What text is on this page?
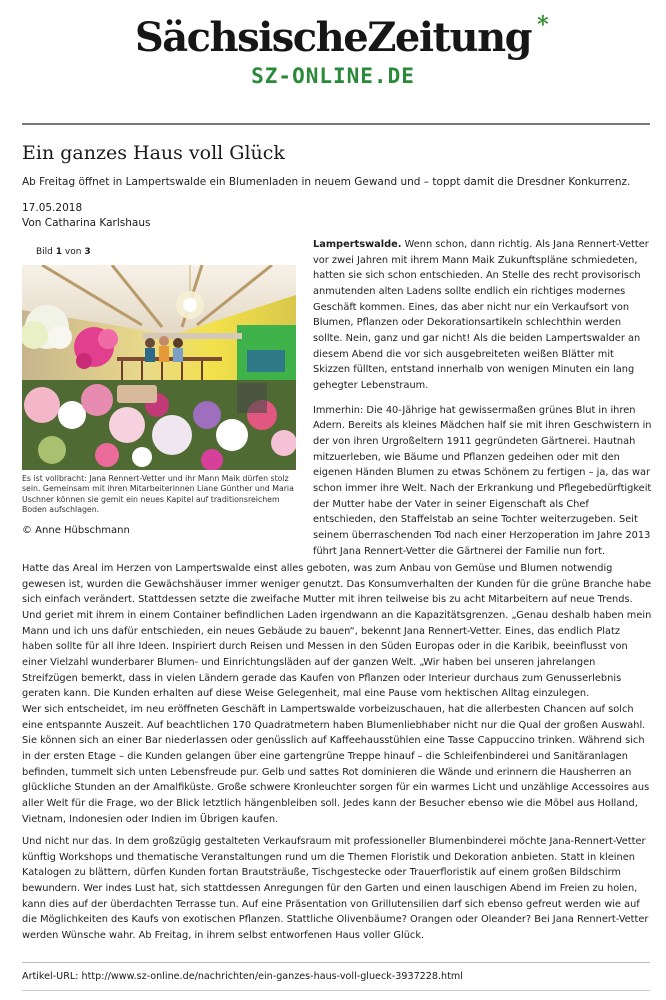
SächsischeZeitung *
SZ-ONLINE.DE
Ein ganzes Haus voll Glück
Ab Freitag öffnet in Lampertswalde ein Blumenladen in neuem Gewand und – toppt damit die Dresdner Konkurrenz.
17.05.2018
Von Catharina Karlshaus
Bild 1 von 3
Es ist vollbracht: Jana Rennert-Vetter und ihr Mann Maik dürfen stolz sein. Gemeinsam mit ihren Mitarbeiterinnen Liane Günther und Maria Uschner können sie gemit ein neues Kapitel auf traditionsreichem Boden aufschlagen.
© Anne Hübschmann

Lampertswalde. Wenn schon, dann richtig. Als Jana Rennert-Vetter vor zwei Jahren mit ihrem Mann Maik Zukunftspläne schmiedeten, hatten sie sich schon entschieden. An Stelle des recht provisorisch anmutenden alten Ladens sollte endlich ein richtiges modernes Geschäft kommen. Eines, das aber nicht nur ein Verkaufsort von Blumen, Pflanzen oder Dekorationsartikeln schlechthin werden sollte. Nein, ganz und gar nicht! Als die beiden Lampertswalder an diesem Abend die vor sich ausgebreiteten weißen Blätter mit Skizzen füllten, entstand innerhalb von wenigen Minuten ein lang gehegter Lebenstraum.

Immerhin: Die 40-Jährige hat gewissermaßen grünes Blut in ihren Adern. Bereits als kleines Mädchen half sie mit ihren Geschwistern in der von ihren Urgroßeltern 1911 gegründeten Gärtnerei. Hautnah mitzuerleben, wie Bäume und Pflanzen gedeihen oder mit den eigenen Händen Blumen zu etwas Schönem zu fertigen – ja, das war schon immer ihre Welt. Nach der Erkrankung und Pflegebedürftigkeit der Mutter habe der Vater in seiner Eigenschaft als Chef entschieden, den Staffelstab an seine Tochter weiterzugeben. Seit seinem überraschenden Tod nach einer Herzoperation im Jahre 2013 führt Jana Rennert-Vetter die Gärtnerei der Familie nun fort.

Hatte das Areal im Herzen von Lampertswalde einst alles geboten, was zum Anbau von Gemüse und Blumen notwendig gewesen ist, wurden die Gewächshäuser immer weniger genutzt. Das Konsumverhalten der Kunden für die grüne Branche habe sich einfach verändert. Stattdessen setzte die zweifache Mutter mit ihren teilweise bis zu acht Mitarbeitern auf neue Trends. Und geriet mit ihrem in einem Container befindlichen Laden irgendwann an die Kapazitätsgrenzen. „Genau deshalb haben mein Mann und ich uns dafür entschieden, ein neues Gebäude zu bauen“, bekennt Jana Rennert-Vetter. Eines, das endlich Platz haben sollte für all ihre Ideen. Inspiriert durch Reisen und Messen in den Süden Europas oder in die Karibik, beeinflusst von einer Vielzahl wunderbarer Blumen- und Einrichtungsläden auf der ganzen Welt. „Wir haben bei unseren jahrelangen Streifzügen bemerkt, dass in vielen Ländern gerade das Kaufen von Pflanzen oder Interieur durchaus zum Genusserlebnis geraten kann. Die Kunden erhalten auf diese Weise Gelegenheit, mal eine Pause vom hektischen Alltag einzulegen.

Wer sich entscheidet, im neu eröffneten Geschäft in Lampertswalde vorbeizuschauen, hat die allerbesten Chancen auf solch eine entspannte Auszeit. Auf beachtlichen 170 Quadratmetern haben Blumenliebhaber nicht nur die Qual der großen Auswahl. Sie können sich an einer Bar niederlassen oder genüsslich auf Kaffeehausstühlen eine Tasse Cappuccino trinken. Während sich in der ersten Etage – die Kunden gelangen über eine gartengrüne Treppe hinauf – die Schleifenbinderei und Sanitäranlagen befinden, tummelt sich unten Lebensfreude pur. Gelb und sattes Rot dominieren die Wände und erinnern die Hausherren an glückliche Stunden an der Amalfiküste. Große schwere Kronleuchter sorgen für ein warmes Licht und unzählige Accessoires aus aller Welt für die Frage, wo der Blick letztlich hängenbleiben soll. Jedes kann der Besucher ebenso wie die Möbel aus Holland, Vietnam, Indonesien oder Indien im Übrigen kaufen.

Und nicht nur das. In dem großzügig gestalteten Verkaufsraum mit professioneller Blumenbinderei möchte Jana-Rennert-Vetter künftig Workshops und thematische Veranstaltungen rund um die Themen Floristik und Dekoration anbieten. Statt in kleinen Katalogen zu blättern, dürfen Kunden fortan Brautsträuße, Tischgestecke oder Trauerfloristik auf einem großen Bildschirm bewundern. Wer indes Lust hat, sich stattdessen Anregungen für den Garten und einen lauschigen Abend im Freien zu holen, kann dies auf der überdachten Terrasse tun. Auf eine Präsentation von Grillutensilien darf sich ebenso gefreut werden wie auf die Möglichkeiten des Kaufs von exotischen Pflanzen. Stattliche Olivenbäume? Orangen oder Oleander? Bei Jana Rennert-Vetter werden Wünsche wahr. Ab Freitag, in ihrem selbst entworfenen Haus voller Glück.

Artikel-URL: http://www.sz-online.de/nachrichten/ein-ganzes-haus-voll-glueck-3937228.html
